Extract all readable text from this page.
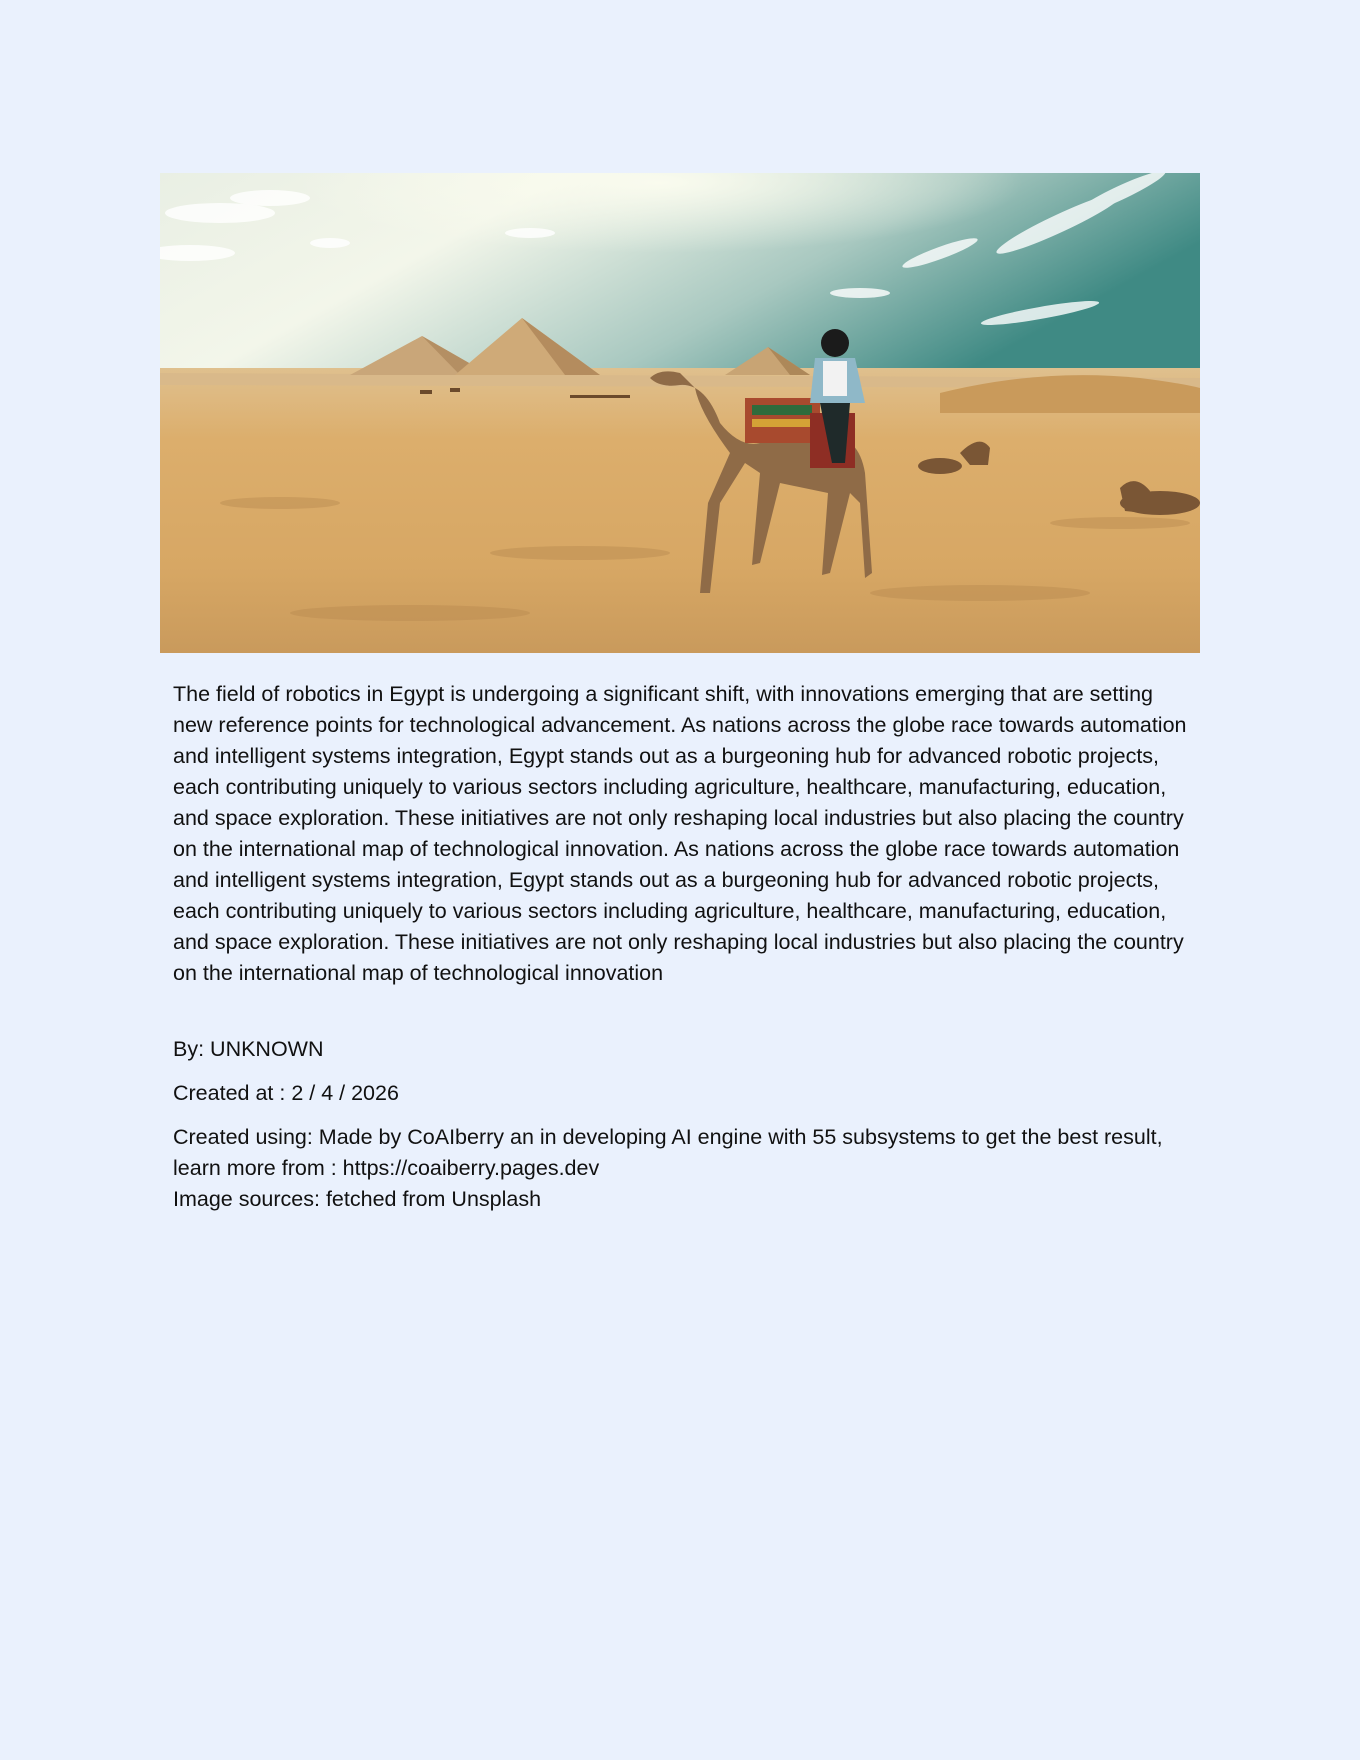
The field of robotics in Egypt is undergoing a significant shift, with innovations emerging that are setting new reference points for technological advancement. As nations across the globe race towards automation and intelligent systems integration, Egypt stands out as a burgeoning hub for advanced robotic projects, each contributing uniquely to various sectors including agriculture, healthcare, manufacturing, education, and space exploration. These initiatives are not only reshaping local industries but also placing the country on the international map of technological innovation. As nations across the globe race towards automation and intelligent systems integration, Egypt stands out as a burgeoning hub for advanced robotic projects, each contributing uniquely to various sectors including agriculture, healthcare, manufacturing, education, and space exploration. These initiatives are not only reshaping local industries but also placing the country on the international map of technological innovation

By: UNKNOWN

Created at : 2 / 4 / 2026

Created using: Made by CoAIberry an in developing AI engine with 55 subsystems to get the best result, learn more from : https://coaiberry.pages.dev

Image sources: fetched from Unsplash
